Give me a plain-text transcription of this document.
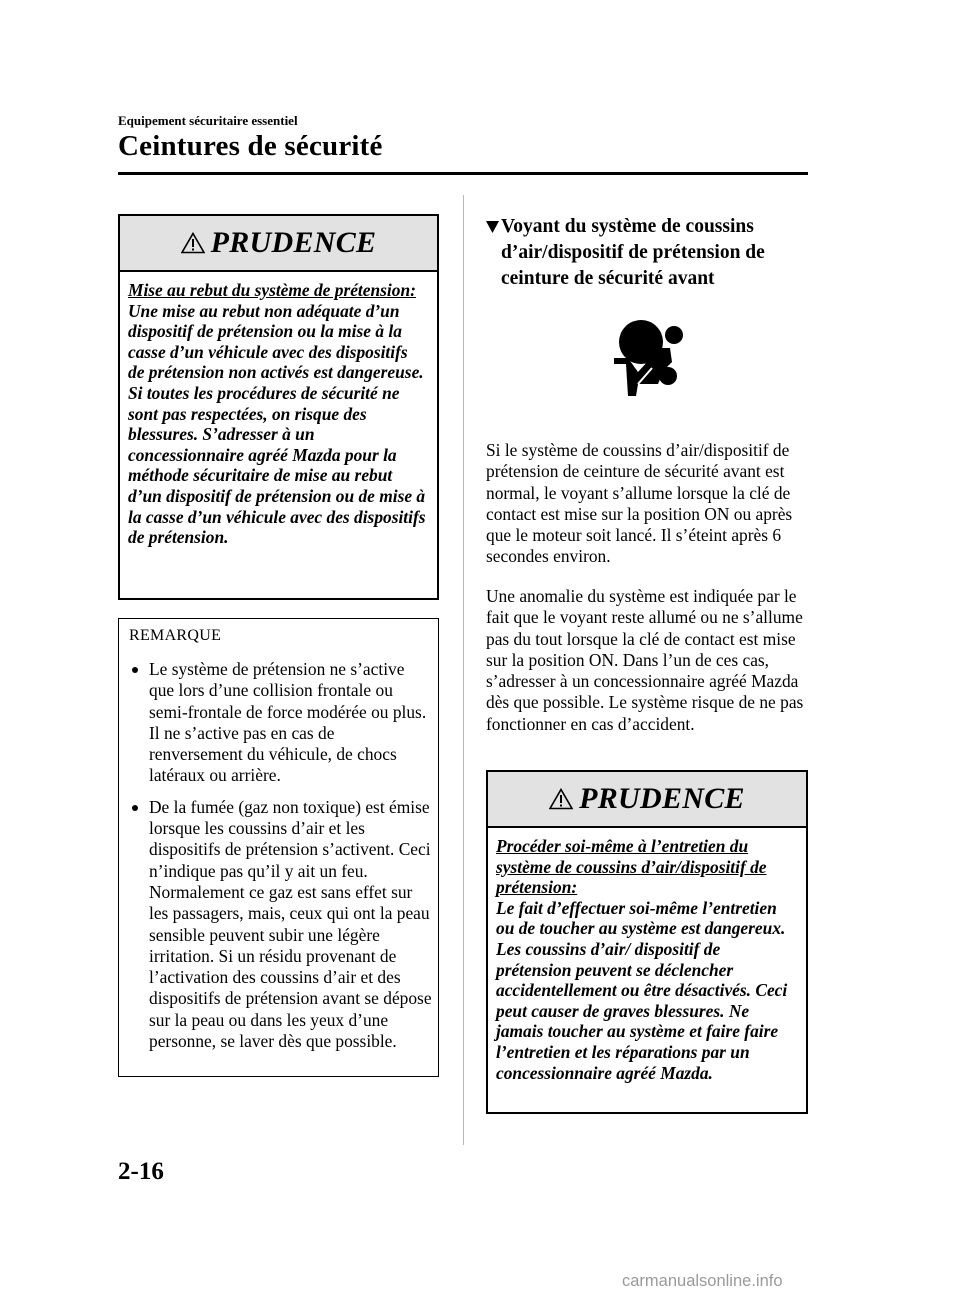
Equipement sécuritaire essentiel
Ceintures de sécurité
PRUDENCE
Mise au rebut du système de prétension:
Une mise au rebut non adéquate d’un dispositif de prétension ou la mise à la casse d’un véhicule avec des dispositifs de prétension non activés est dangereuse. Si toutes les procédures de sécurité ne sont pas respectées, on risque des blessures. S’adresser à un concessionnaire agréé Mazda pour la méthode sécuritaire de mise au rebut d’un dispositif de prétension ou de mise à la casse d’un véhicule avec des dispositifs de prétension.
REMARQUE
Le système de prétension ne s’active que lors d’une collision frontale ou semi-frontale de force modérée ou plus. Il ne s’active pas en cas de renversement du véhicule, de chocs latéraux ou arrière.
De la fumée (gaz non toxique) est émise lorsque les coussins d’air et les dispositifs de prétension s’activent. Ceci n’indique pas qu’il y ait un feu. Normalement ce gaz est sans effet sur les passagers, mais, ceux qui ont la peau sensible peuvent subir une légère irritation. Si un résidu provenant de l’activation des coussins d’air et des dispositifs de prétension avant se dépose sur la peau ou dans les yeux d’une personne, se laver dès que possible.
Voyant du système de coussins d’air/dispositif de prétension de ceinture de sécurité avant
Si le système de coussins d’air/dispositif de prétension de ceinture de sécurité avant est normal, le voyant s’allume lorsque la clé de contact est mise sur la position ON ou après que le moteur soit lancé. Il s’éteint après 6 secondes environ.
Une anomalie du système est indiquée par le fait que le voyant reste allumé ou ne s’allume pas du tout lorsque la clé de contact est mise sur la position ON. Dans l’un de ces cas, s’adresser à un concessionnaire agréé Mazda dès que possible. Le système risque de ne pas fonctionner en cas d’accident.
PRUDENCE
Procéder soi-même à l’entretien du système de coussins d’air/dispositif de prétension:
Le fait d’effectuer soi-même l’entretien ou de toucher au système est dangereux. Les coussins d’air/ dispositif de prétension peuvent se déclencher accidentellement ou être désactivés. Ceci peut causer de graves blessures. Ne jamais toucher au système et faire faire l’entretien et les réparations par un concessionnaire agréé Mazda.
2-16
carmanualsonline.info
